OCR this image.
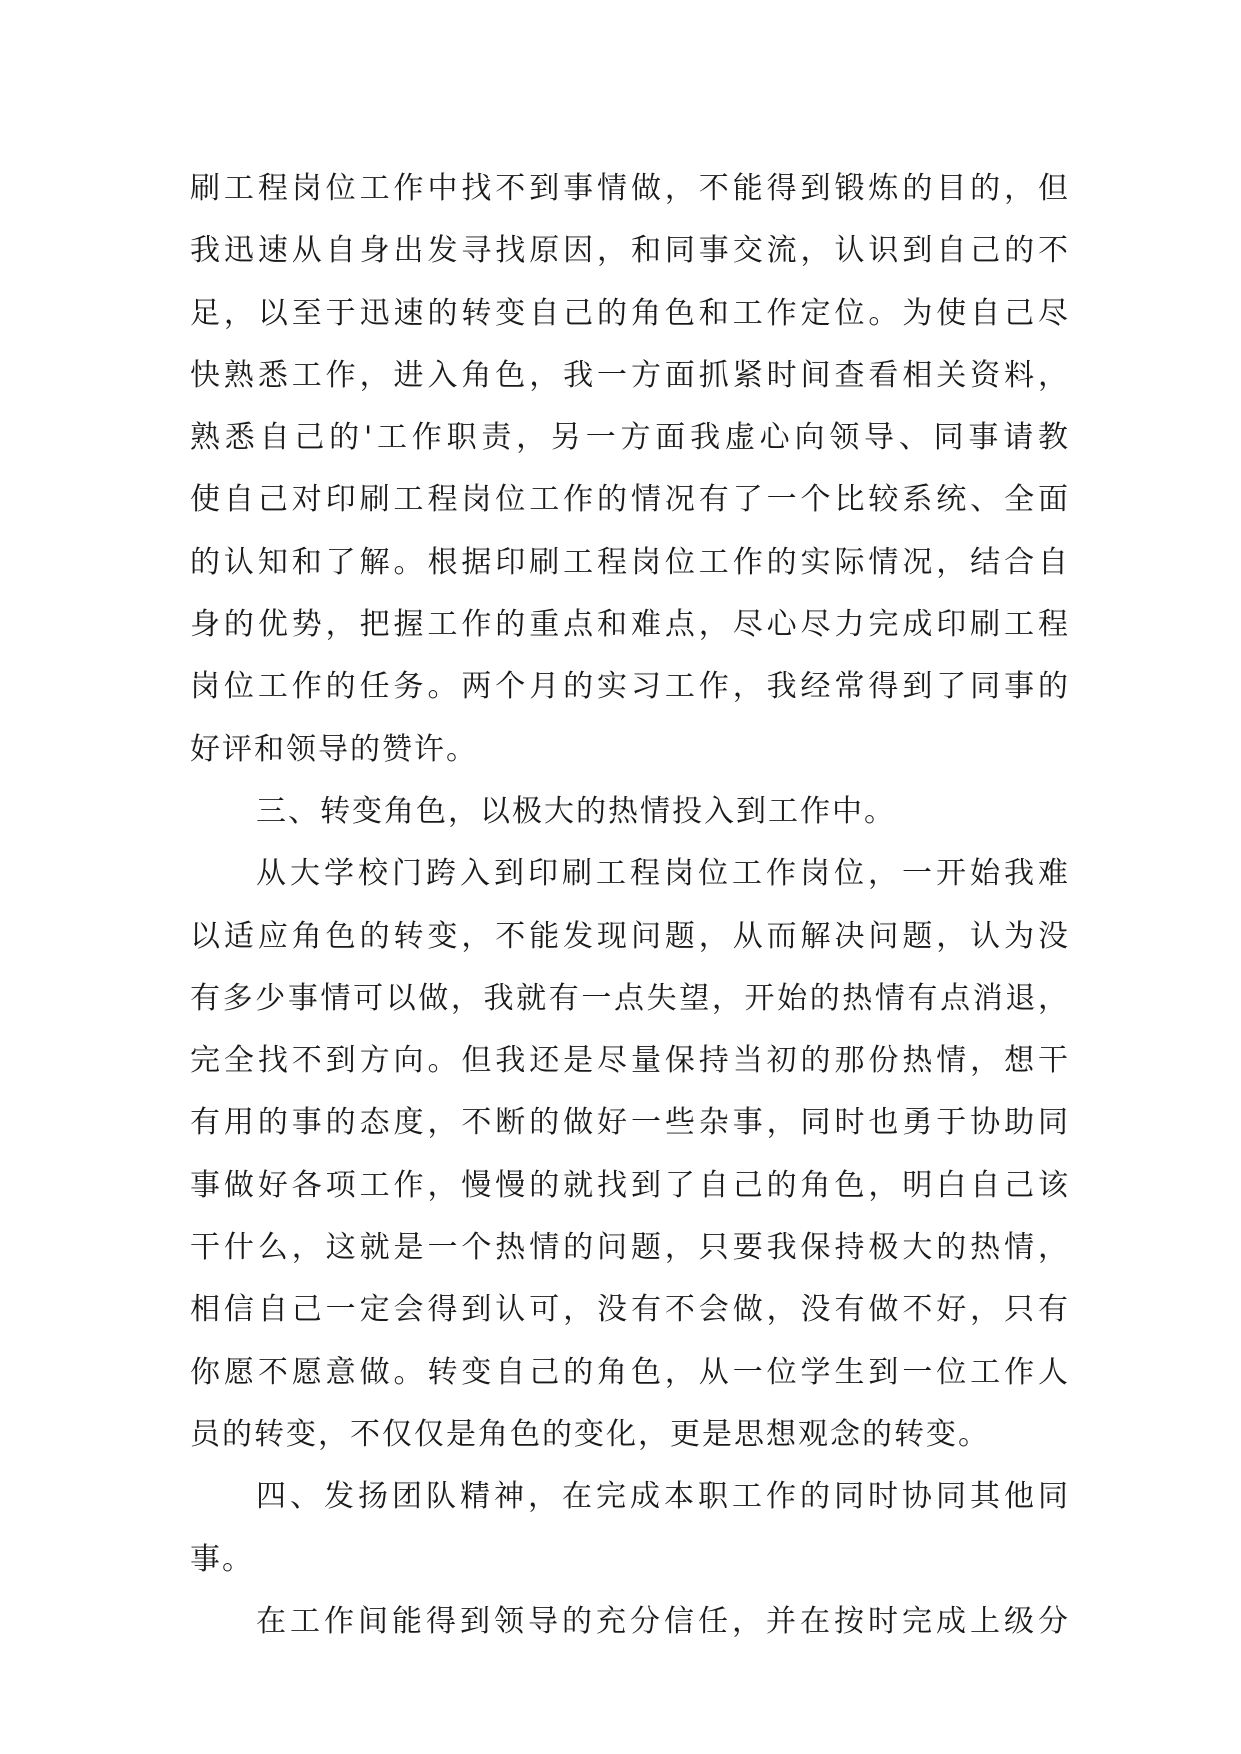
刷工程岗位工作中找不到事情做，不能得到锻炼的目的，但
我迅速从自身出发寻找原因，和同事交流，认识到自己的不
足，以至于迅速的转变自己的角色和工作定位。为使自己尽
快熟悉工作，进入角色，我一方面抓紧时间查看相关资料，
熟悉自己的'工作职责，另一方面我虚心向领导、同事请教
使自己对印刷工程岗位工作的情况有了一个比较系统、全面
的认知和了解。根据印刷工程岗位工作的实际情况，结合自
身的优势，把握工作的重点和难点，尽心尽力完成印刷工程
岗位工作的任务。两个月的实习工作，我经常得到了同事的
好评和领导的赞许。
三、转变角色，以极大的热情投入到工作中。
从大学校门跨入到印刷工程岗位工作岗位，一开始我难
以适应角色的转变，不能发现问题，从而解决问题，认为没
有多少事情可以做，我就有一点失望，开始的热情有点消退，
完全找不到方向。但我还是尽量保持当初的那份热情，想干
有用的事的态度，不断的做好一些杂事，同时也勇于协助同
事做好各项工作，慢慢的就找到了自己的角色，明白自己该
干什么，这就是一个热情的问题，只要我保持极大的热情，
相信自己一定会得到认可，没有不会做，没有做不好，只有
你愿不愿意做。转变自己的角色，从一位学生到一位工作人
员的转变，不仅仅是角色的变化，更是思想观念的转变。
四、发扬团队精神，在完成本职工作的同时协同其他同
事。
在工作间能得到领导的充分信任，并在按时完成上级分
